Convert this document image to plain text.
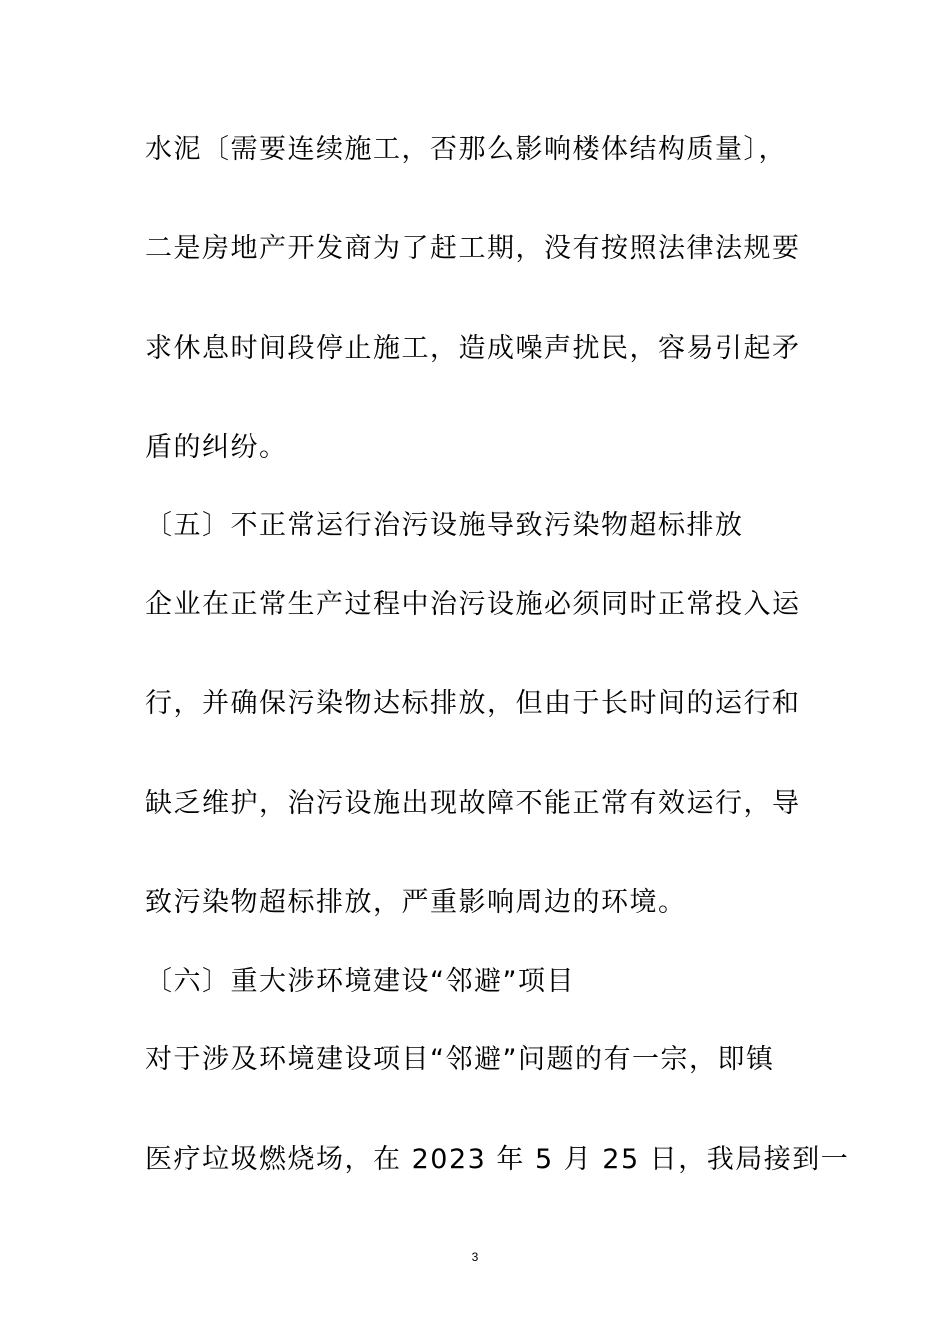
水泥〔需要连续施工，否那么影响楼体结构质量〕，
二是房地产开发商为了赶工期，没有按照法律法规要
求休息时间段停止施工，造成噪声扰民，容易引起矛
盾的纠纷。
〔五〕不正常运行治污设施导致污染物超标排放
企业在正常生产过程中治污设施必须同时正常投入运
行，并确保污染物达标排放，但由于长时间的运行和
缺乏维护，治污设施出现故障不能正常有效运行，导
致污染物超标排放，严重影响周边的环境。
〔六〕重大涉环境建设“邻避”项目
对于涉及环境建设项目“邻避”问题的有一宗，即镇
医疗垃圾燃烧场，在 2023 年 5 月 25 日，我局接到一
3
